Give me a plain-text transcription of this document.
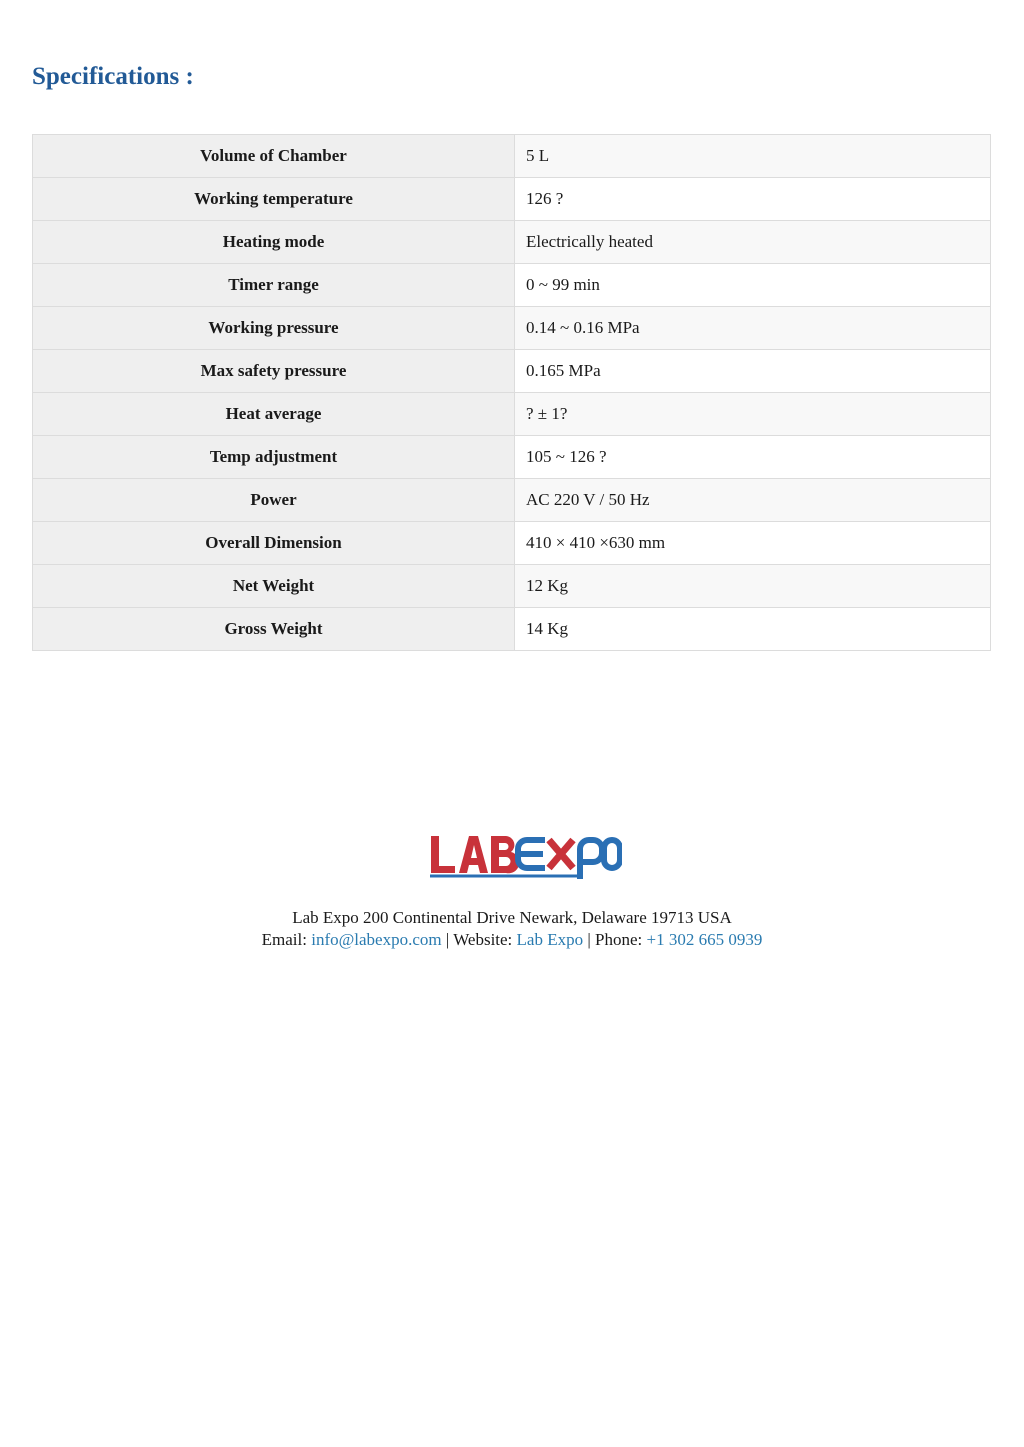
Specifications :
Volume of Chamber	5 L
Working temperature	126 ?
Heating mode	Electrically heated
Timer range	0 ~ 99 min
Working pressure	0.14 ~ 0.16 MPa
Max safety pressure	0.165 MPa
Heat average	? ± 1?
Temp adjustment	105 ~ 126 ?
Power	AC 220 V / 50 Hz
Overall Dimension	410 × 410 ×630 mm
Net Weight	12 Kg
Gross Weight	14 Kg
Lab Expo 200 Continental Drive Newark, Delaware 19713 USA
Email: info@labexpo.com | Website: Lab Expo | Phone: +1 302 665 0939
